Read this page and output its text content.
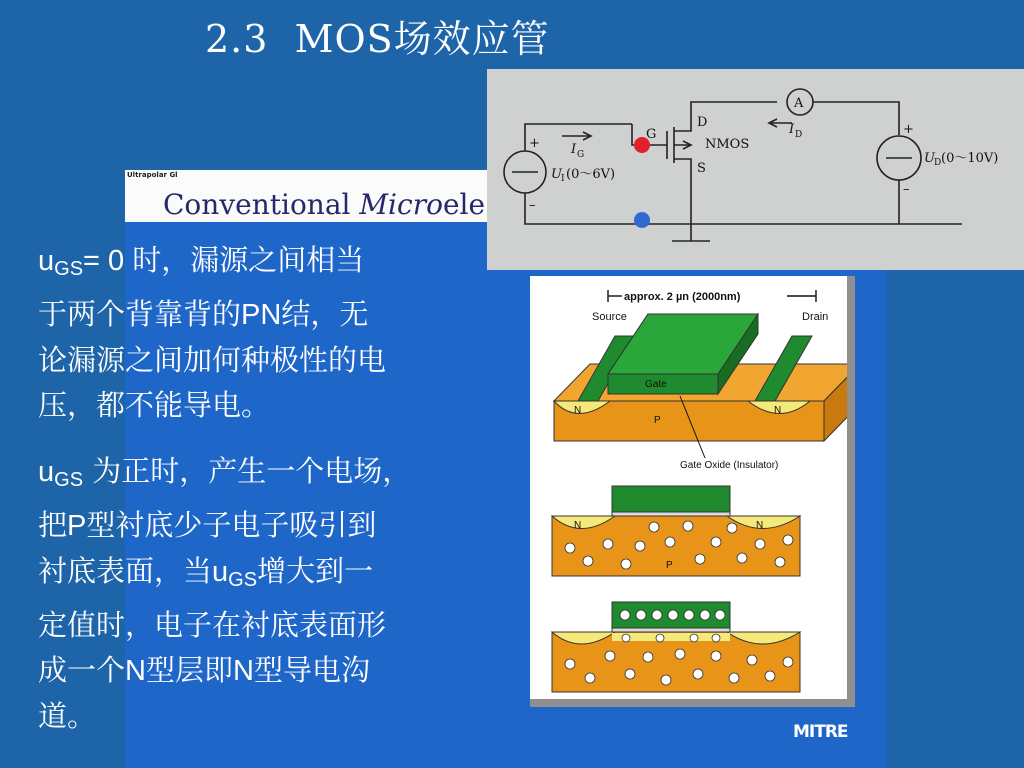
2.3  MOS场效应管
Ultrapolar Gl
Conventional Microele
G
D
S
NMOS
A
I G
I D
U I (0～6V)
U D (0～10V)
+
–
+
–
approx. 2 µn (2000nm)
Source	Drain
Gate
N	N
P
Gate Oxide (Insulator)
N	N
P
MITRE
$u_{GS}= 0$ 时，漏源之间相当
于两个背靠背的PN结，无
论漏源之间加何种极性的电
压，都不能导电。
$u_{GS}$ 为正时，产生一个电场，
把P型衬底少子电子吸引到
衬底表面，当$u_{GS}$增大到一
定值时，电子在衬底表面形
成一个N型层即N型导电沟
道。
